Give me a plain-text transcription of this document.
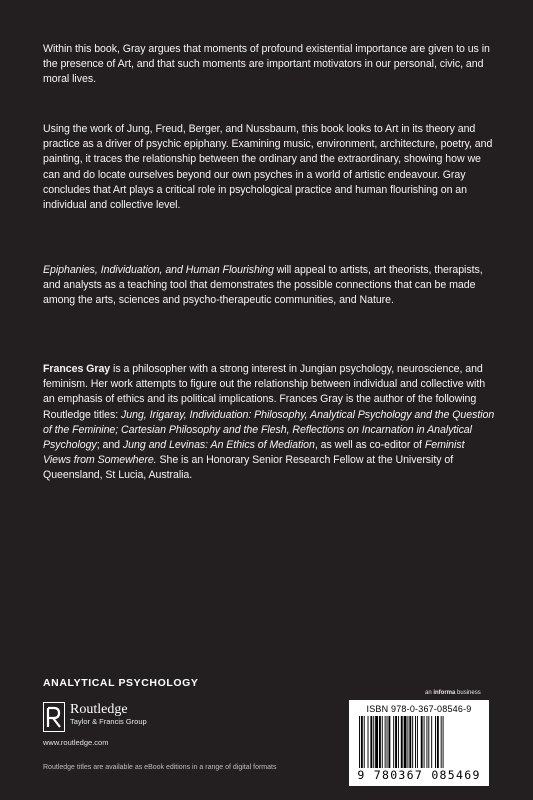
Within this book, Gray argues that moments of profound existential importance are given to us in the presence of Art, and that such moments are important motivators in our personal, civic, and moral lives.

Using the work of Jung, Freud, Berger, and Nussbaum, this book looks to Art in its theory and practice as a driver of psychic epiphany. Examining music, environment, architecture, poetry, and painting, it traces the relationship between the ordinary and the extraordinary, showing how we can and do locate ourselves beyond our own psyches in a world of artistic endeavour. Gray concludes that Art plays a critical role in psychological practice and human flourishing on an individual and collective level.

Epiphanies, Individuation, and Human Flourishing will appeal to artists, art theorists, therapists, and analysts as a teaching tool that demonstrates the possible connections that can be made among the arts, sciences and psycho-therapeutic communities, and Nature.

Frances Gray is a philosopher with a strong interest in Jungian psychology, neuroscience, and feminism. Her work attempts to figure out the relationship between individual and collective with an emphasis of ethics and its political implications. Frances Gray is the author of the following Routledge titles: Jung, Irigaray, Individuation: Philosophy, Analytical Psychology and the Question of the Feminine; Cartesian Philosophy and the Flesh, Reflections on Incarnation in Analytical Psychology; and Jung and Levinas: An Ethics of Mediation, as well as co-editor of Feminist Views from Somewhere. She is an Honorary Senior Research Fellow at the University of Queensland, St Lucia, Australia.

ANALYTICAL PSYCHOLOGY
Routledge
Taylor & Francis Group
www.routledge.com
Routledge titles are available as eBook editions in a range of digital formats
an informa business
ISBN 978-0-367-08546-9
9 780367 085469
